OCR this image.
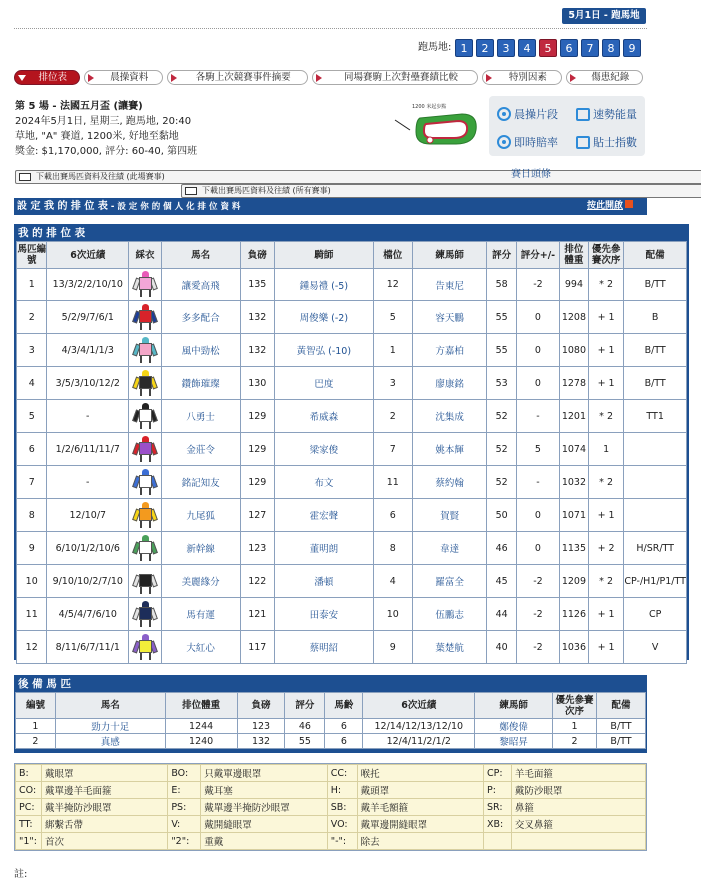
5月1日 - 跑馬地
跑馬地: 1	2	3	4	5	6	7	8	9
排位表	晨操資料	各駒上次競賽事件摘要	同場賽駒上次對壘賽績比較	特別因素	傷患紀錄
第 5 場 - 法國五月盃 (讓賽)
2024年5月1日, 星期三, 跑馬地, 20:40
草地, "A" 賽道, 1200米, 好地至黏地
獎金: $1,170,000, 評分: 60-40, 第四班
下載出賽馬匹資料及往績 (此場賽事)
下載出賽馬匹資料及往績 (所有賽事)
1200 米起步點
晨操片段	速勢能量
即時賠率	貼士指數
賽日頭條
設 定 我 的 排 位 表 - 設 定 你 的 個 人 化 排 位 資 料	按此開啟
我 的 排 位 表
馬匹編號	6次近績	綵衣	馬名	負磅	騎師	檔位	練馬師	評分	評分+/-	排位體重	優先參賽次序	配備
1	13/3/2/2/10/10		讓愛高飛	135	鍾易禮 (-5)	12	告東尼	58	-2	994	* 2	B/TT
2	5/2/9/7/6/1		多多配合	132	周俊樂 (-2)	5	容天鵬	55	0	1208	+ 1	B
3	4/3/4/1/1/3		風中勁松	132	黃智弘 (-10)	1	方嘉柏	55	0	1080	+ 1	B/TT
4	3/5/3/10/12/2		鑽飾璀璨	130	巴度	3	廖康銘	53	0	1278	+ 1	B/TT
5	-		八勇士	129	希威森	2	沈集成	52	-	1201	* 2	TT1
6	1/2/6/11/11/7		金莊令	129	梁家俊	7	姚本輝	52	5	1074	1	
7	-		銘記知友	129	布文	11	蔡約翰	52	-	1032	* 2	
8	12/10/7		九尾狐	127	霍宏聲	6	賀賢	50	0	1071	+ 1	
9	6/10/1/2/10/6		新幹線	123	董明朗	8	韋達	46	0	1135	+ 2	H/SR/TT
10	9/10/10/2/7/10		美麗緣分	122	潘頓	4	羅富全	45	-2	1209	* 2	CP-/H1/P1/TT
11	4/5/4/7/6/10		馬有運	121	田泰安	10	伍鵬志	44	-2	1126	+ 1	CP
12	8/11/6/7/11/1		大紅心	117	蔡明紹	9	葉楚航	40	-2	1036	+ 1	V
後 備 馬 匹
編號	馬名	排位體重	負磅	評分	馬齡	6次近績	練馬師	優先參賽次序	配備
1	勁力十足	1244	123	46	6	12/14/12/13/12/10	鄭俊偉	1	B/TT
2	真感	1240	132	55	6	12/4/11/2/1/2	黎昭昇	2	B/TT
B:	戴眼罩	BO:	只戴單邊眼罩	CC:	喉托	CP:	羊毛面箍
CO:	戴單邊羊毛面箍	E:	戴耳塞	H:	戴頭罩	P:	戴防沙眼罩
PC:	戴半掩防沙眼罩	PS:	戴單邊半掩防沙眼罩	SB:	戴羊毛額箍	SR:	鼻箍
TT:	綁繫舌帶	V:	戴開縫眼罩	VO:	戴單邊開縫眼罩	XB:	交叉鼻箍
"1":	首次	"2":	重戴	"-":	除去		
註:
